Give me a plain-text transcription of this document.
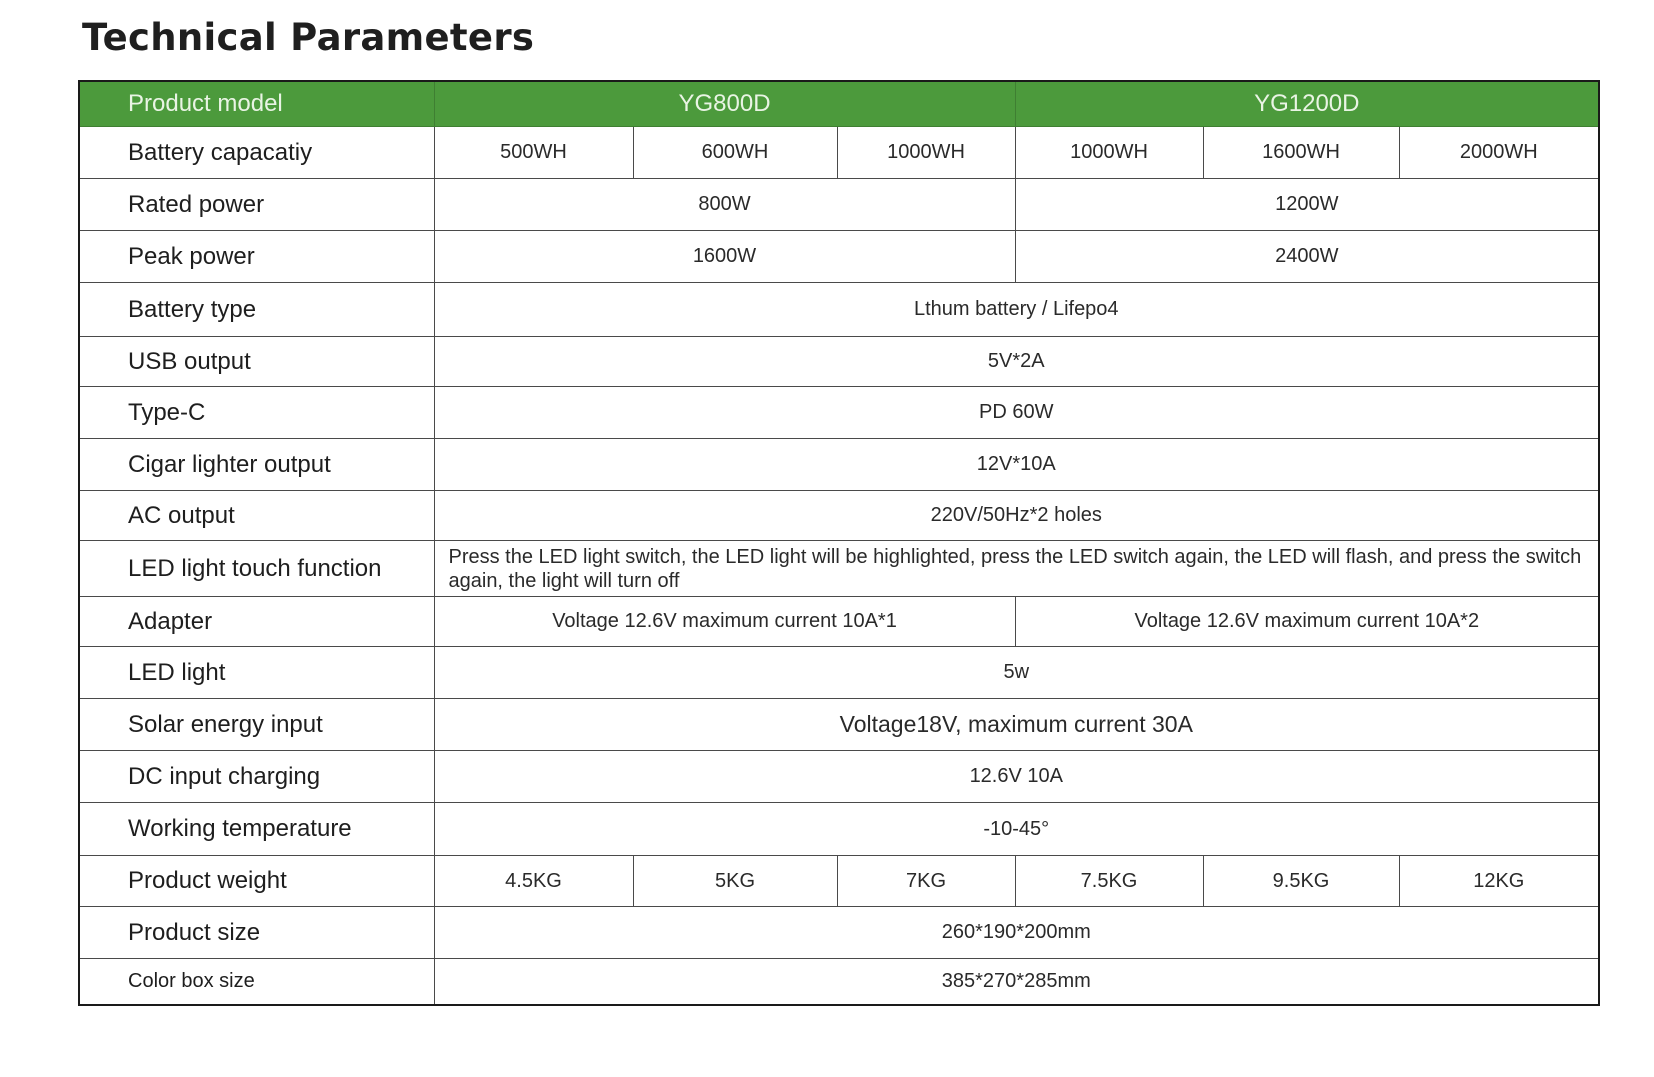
Technical Parameters
Product model	YG800D			YG1200D		
Battery capacatiy	500WH	600WH	1000WH	1000WH	1600WH	2000WH
Rated power	800W			1200W		
Peak power	1600W			2400W		
Battery type	Lthum battery / Lifepo4					
USB output	5V*2A					
Type-C	PD 60W					
Cigar lighter output	12V*10A					
AC output	220V/50Hz*2 holes					
LED light touch function	Press the LED light switch, the LED light will be highlighted, press the LED switch again, the LED will flash, and press the switch again, the light will turn off					
Adapter	Voltage 12.6V maximum current 10A*1			Voltage 12.6V maximum current 10A*2		
LED light	5w					
Solar energy input	Voltage18V, maximum current 30A					
DC input charging	12.6V 10A					
Working temperature	-10-45°					
Product weight	4.5KG	5KG	7KG	7.5KG	9.5KG	12KG
Product size	260*190*200mm					
Color box size	385*270*285mm					
